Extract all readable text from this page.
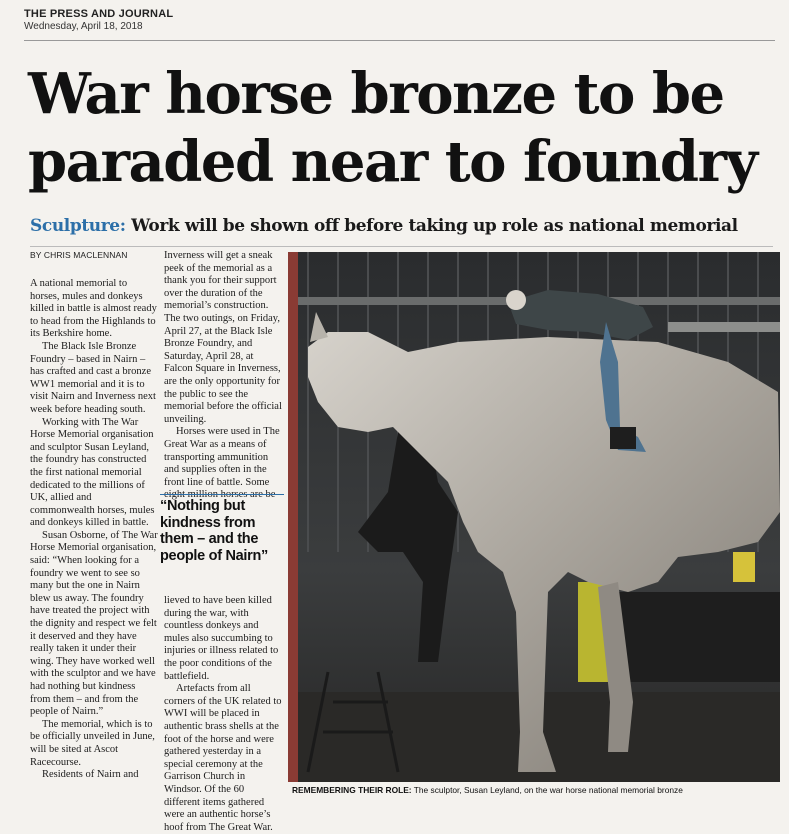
THE PRESS AND JOURNAL
Wednesday, April 18, 2018
War horse bronze to be paraded near to foundry
Sculpture: Work will be shown off before taking up role as national memorial
BY CHRIS MACLENNAN

A national memorial to horses, mules and donkeys killed in battle is almost ready to head from the Highlands to its Berkshire home.

The Black Isle Bronze Foundry – based in Nairn – has crafted and cast a bronze WW1 memorial and it is to visit Nairn and Inverness next week before heading south.

Working with The War Horse Memorial organisation and sculptor Susan Leyland, the foundry has constructed the first national memorial dedicated to the millions of UK, allied and commonwealth horses, mules and donkeys killed in battle.

Susan Osborne, of The War Horse Memorial organisation, said: “When looking for a foundry we went to see so many but the one in Nairn blew us away. The foundry have treated the project with the dignity and respect we felt it deserved and they have really taken it under their wing. They have worked well with the sculptor and we have had nothing but kindness from them – and from the people of Nairn.”

The memorial, which is to be officially unveiled in June, will be sited at Ascot Racecourse.

Residents of Nairn and

Inverness will get a sneak peek of the memorial as a thank you for their support over the duration of the memorial’s construction. The two outings, on Friday, April 27, at the Black Isle Bronze Foundry, and Saturday, April 28, at Falcon Square in Inverness, are the only opportunity for the public to see the memorial before the official unveiling.

Horses were used in The Great War as a means of transporting ammunition and supplies often in the front line of battle. Some eight million horses are be-

“Nothing but kindness from them – and the people of Nairn”

lieved to have been killed during the war, with countless donkeys and mules also succumbing to injuries or illness related to the poor conditions of the battlefield.

Artefacts from all corners of the UK related to WWI will be placed in authentic brass shells at the foot of the horse and were gathered yesterday in a special ceremony at the Garrison Church in Windsor. Of the 60 different items gathered were an authentic horse’s hoof from The Great War.

REMEMBERING THEIR ROLE: The sculptor, Susan Leyland, on the war horse national memorial bronze
